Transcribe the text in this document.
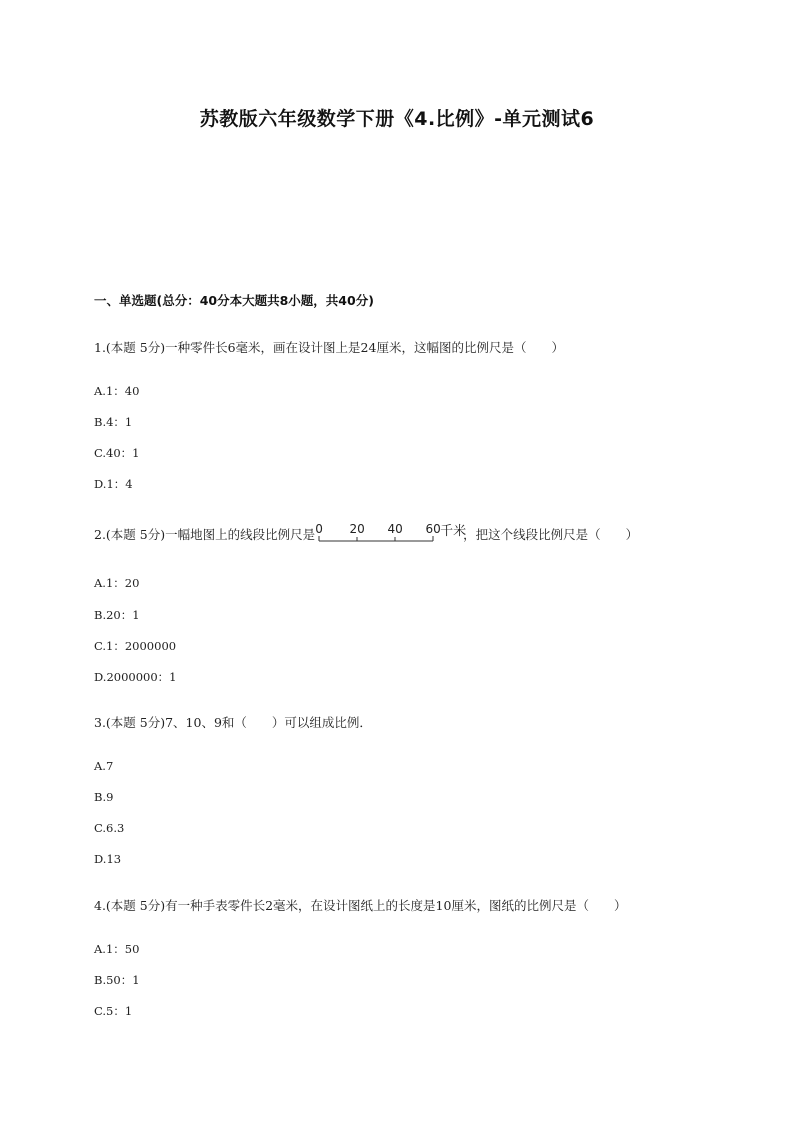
苏教版六年级数学下册《4.比例》-单元测试6
一、单选题(总分：40分本大题共8小题，共40分)
1.(本题 5分)一种零件长6毫米，画在设计图上是24厘米，这幅图的比例尺是（　　）
A.1：40
B.4：1
C.40：1
D.1：4
2.(本题 5分)一幅地图上的线段比例尺是 0 20 40 60 千米
，把这个线段比例尺是（　　）
A.1：20
B.20：1
C.1：2000000
D.2000000：1
3.(本题 5分)7、10、9和（　　）可以组成比例．
A.7
B.9
C.6.3
D.13
4.(本题 5分)有一种手表零件长2毫米，在设计图纸上的长度是10厘米，图纸的比例尺是（　　）
A.1：50
B.50：1
C.5：1
